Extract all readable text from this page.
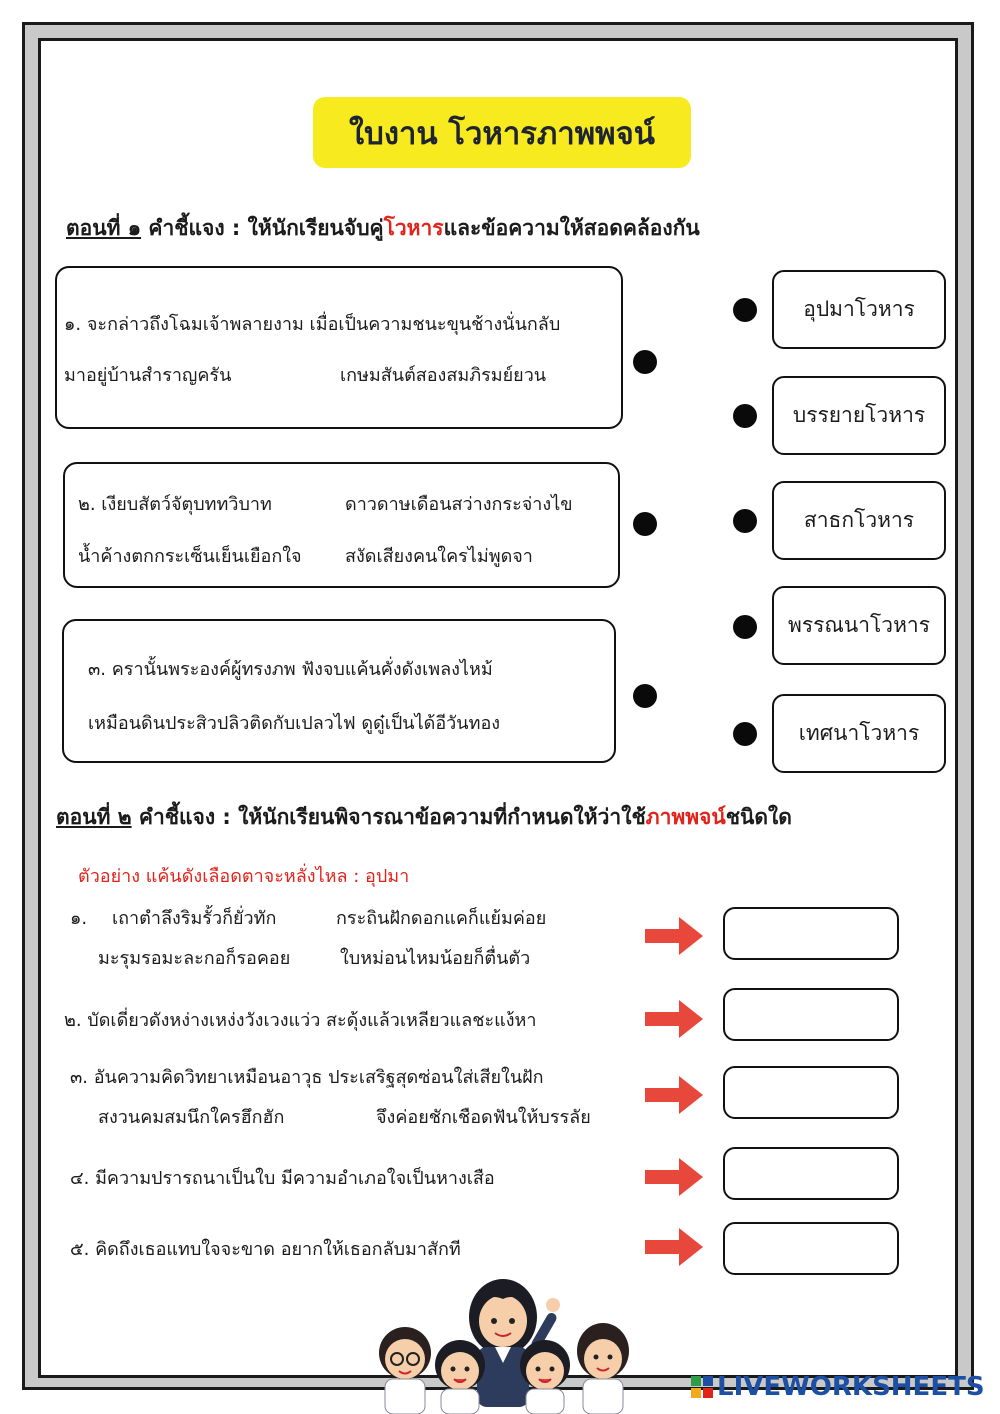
ใบงาน โวหารภาพพจน์
ตอนที่ ๑ คำชี้แจง : ให้นักเรียนจับคู่โวหารและข้อความให้สอดคล้องกัน
๑. จะกล่าวถึงโฉมเจ้าพลายงาม เมื่อเป็นความชนะขุนช้างนั่นกลับ
มาอยู่บ้านสำราญครัน	เกษมสันต์สองสมภิรมย์ยวน
๒. เงียบสัตว์จัตุบททวิบาท	ดาวดาษเดือนสว่างกระจ่างไข
น้ำค้างตกกระเซ็นเย็นเยือกใจ สงัดเสียงคนใครไม่พูดจา
๓. ครานั้นพระองค์ผู้ทรงภพ ฟังจบแค้นคั่งดังเพลงไหม้
เหมือนดินประสิวปลิวติดกับเปลวไฟ ดูดู๋เป็นได้อีวันทอง
อุปมาโวหาร
บรรยายโวหาร
สาธกโวหาร
พรรณนาโวหาร
เทศนาโวหาร
ตอนที่ ๒ คำชี้แจง : ให้นักเรียนพิจารณาข้อความที่กำหนดให้ว่าใช้ภาพพจน์ชนิดใด
ตัวอย่าง แค้นดังเลือดตาจะหลั่งไหล : อุปมา
๑. เถาตำลึงริมรั้วก็ยั่วทัก	กระถินฝักดอกแคก็แย้มค่อย
มะรุมรอมะละกอก็รอคอย	ใบหม่อนไหมน้อยก็ตื่นตัว
๒. บัดเดี่ยวดังหง่างเหง่งวังเวงแว่ว สะดุ้งแล้วเหลียวแลชะแง้หา
๓. อันความคิดวิทยาเหมือนอาวุธ ประเสริฐสุดซ่อนใส่เสียในฝัก
สงวนคมสมนึกใครฮึกฮัก	จึงค่อยชักเชือดฟันให้บรรลัย
๔. มีความปรารถนาเป็นใบ มีความอำเภอใจเป็นหางเสือ
๕. คิดถึงเธอแทบใจจะขาด อยากให้เธอกลับมาสักที
LIVEWORKSHEETS
